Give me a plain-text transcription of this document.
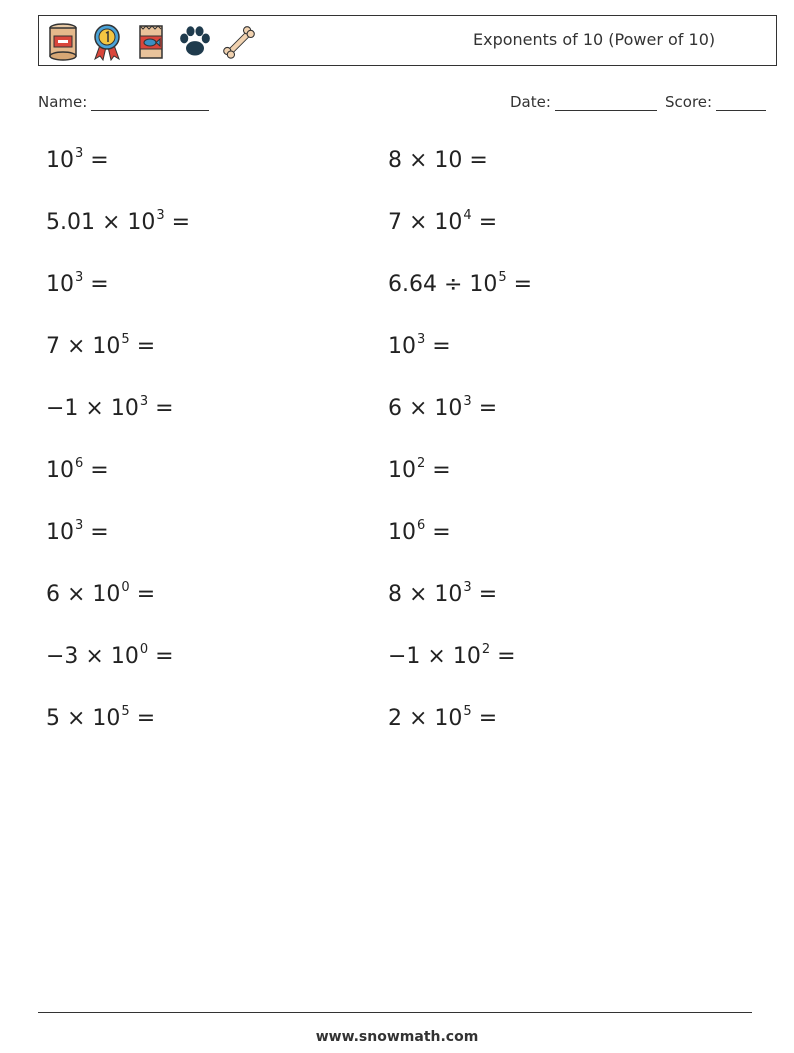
Exponents of 10 (Power of 10)
Name:	Date:	Score:
$10^3$ =	8 × 10 =
$5.01 \times 10^3$ =	$7 \times 10^4$ =
$10^3$ =	$6.64 \div 10^5$ =
$7 \times 10^5$ =	$10^3$ =
$-1 \times 10^3$ =	$6 \times 10^3$ =
$10^6$ =	$10^2$ =
$10^3$ =	$10^6$ =
$6 \times 10^0$ =	$8 \times 10^3$ =
$-3 \times 10^0$ =	$-1 \times 10^2$ =
$5 \times 10^5$ =	$2 \times 10^5$ =
www.snowmath.com
